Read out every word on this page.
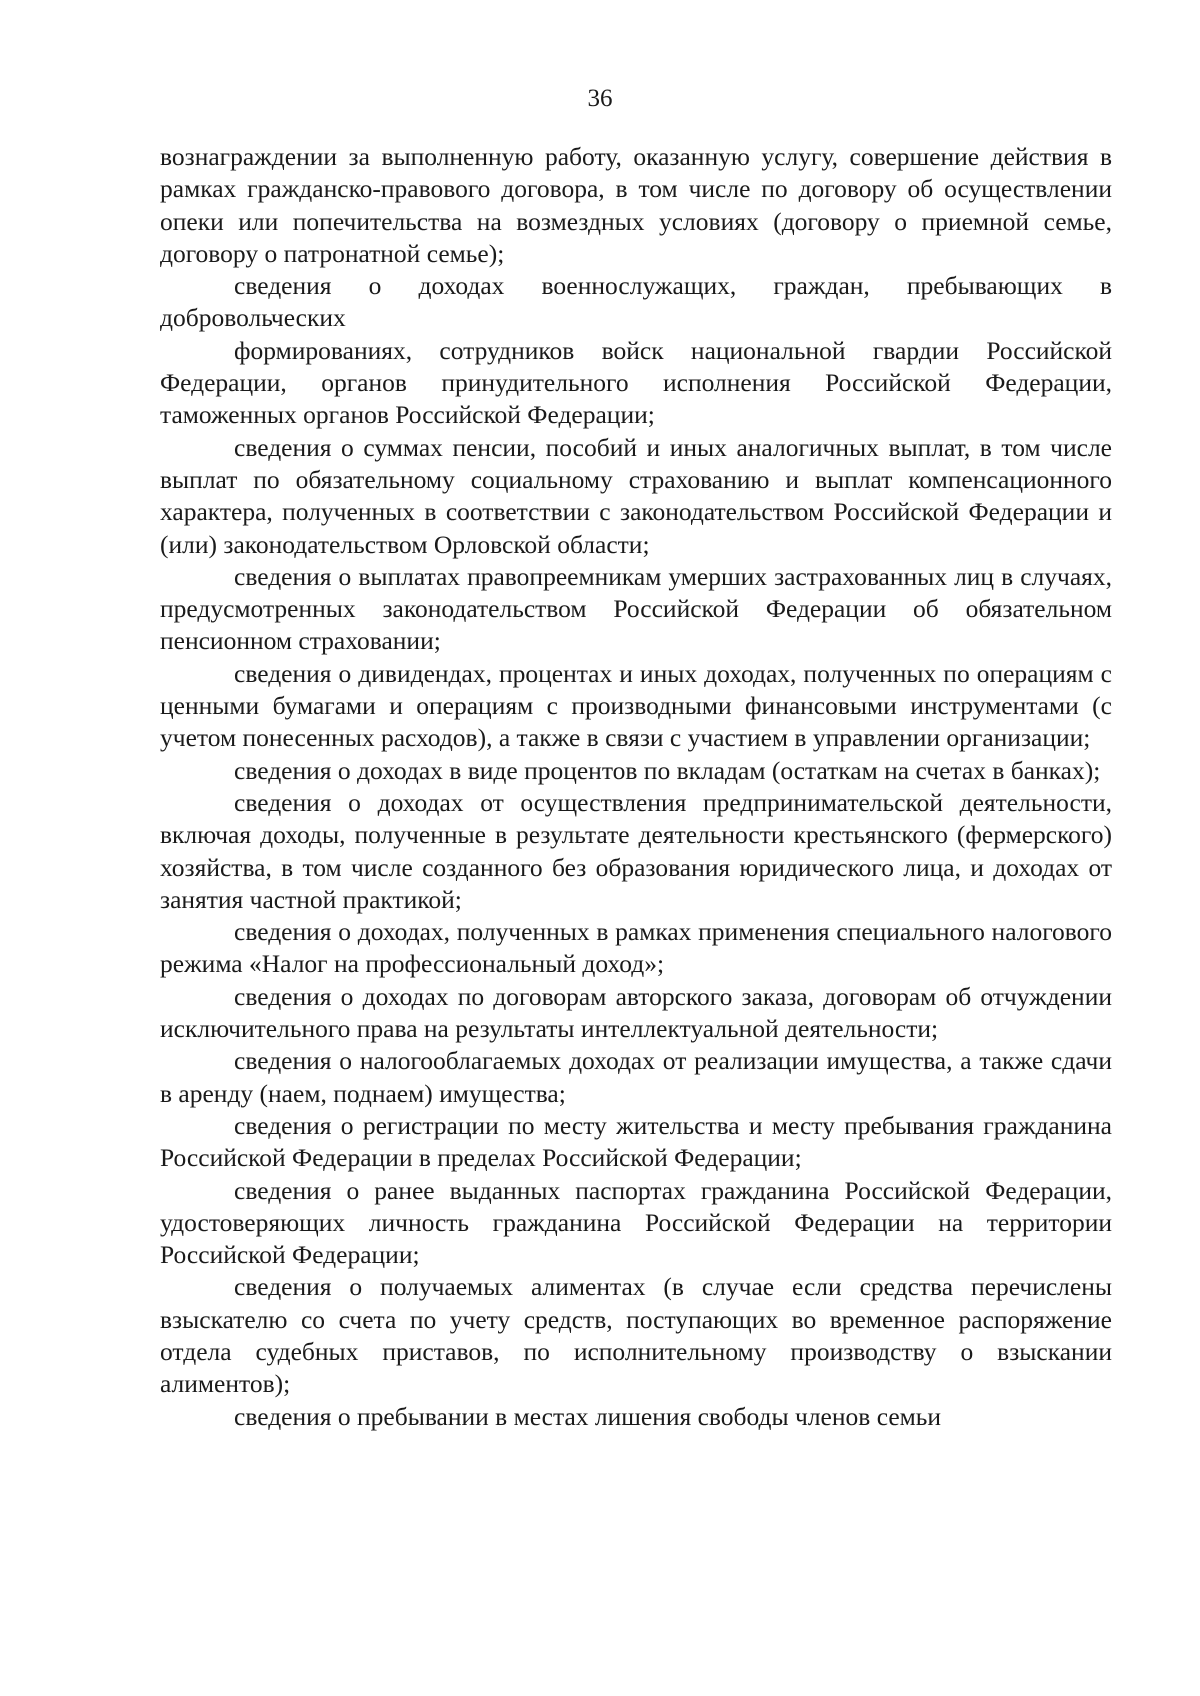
36

вознаграждении за выполненную работу, оказанную услугу, совершение действия в рамках гражданско-правового договора, в том числе по договору об осуществлении опеки или попечительства на возмездных условиях (договору о приемной семье, договору о патронатной семье);

сведения о доходах военнослужащих, граждан, пребывающих в добровольческих

формированиях, сотрудников войск национальной гвардии Российской Федерации, органов принудительного исполнения Российской Федерации, таможенных органов Российской Федерации;

сведения о суммах пенсии, пособий и иных аналогичных выплат, в том числе выплат по обязательному социальному страхованию и выплат компенсационного характера, полученных в соответствии с законодательством Российской Федерации и (или) законодательством Орловской области;

сведения о выплатах правопреемникам умерших застрахованных лиц в случаях, предусмотренных законодательством Российской Федерации об обязательном пенсионном страховании;

сведения о дивидендах, процентах и иных доходах, полученных по операциям с ценными бумагами и операциям с производными финансовыми инструментами (с учетом понесенных расходов), а также в связи с участием в управлении организации;

сведения о доходах в виде процентов по вкладам (остаткам на счетах в банках);

сведения о доходах от осуществления предпринимательской деятельности, включая доходы, полученные в результате деятельности крестьянского (фермерского) хозяйства, в том числе созданного без образования юридического лица, и доходах от занятия частной практикой;

сведения о доходах, полученных в рамках применения специального налогового режима «Налог на профессиональный доход»;

сведения о доходах по договорам авторского заказа, договорам об отчуждении исключительного права на результаты интеллектуальной деятельности;

сведения о налогооблагаемых доходах от реализации имущества, а также сдачи в аренду (наем, поднаем) имущества;

сведения о регистрации по месту жительства и месту пребывания гражданина Российской Федерации в пределах Российской Федерации;

сведения о ранее выданных паспортах гражданина Российской Федерации, удостоверяющих личность гражданина Российской Федерации на территории Российской Федерации;

сведения о получаемых алиментах (в случае если средства перечислены взыскателю со счета по учету средств, поступающих во временное распоряжение отдела судебных приставов, по исполнительному производству о взыскании алиментов);

сведения о пребывании в местах лишения свободы членов семьи
